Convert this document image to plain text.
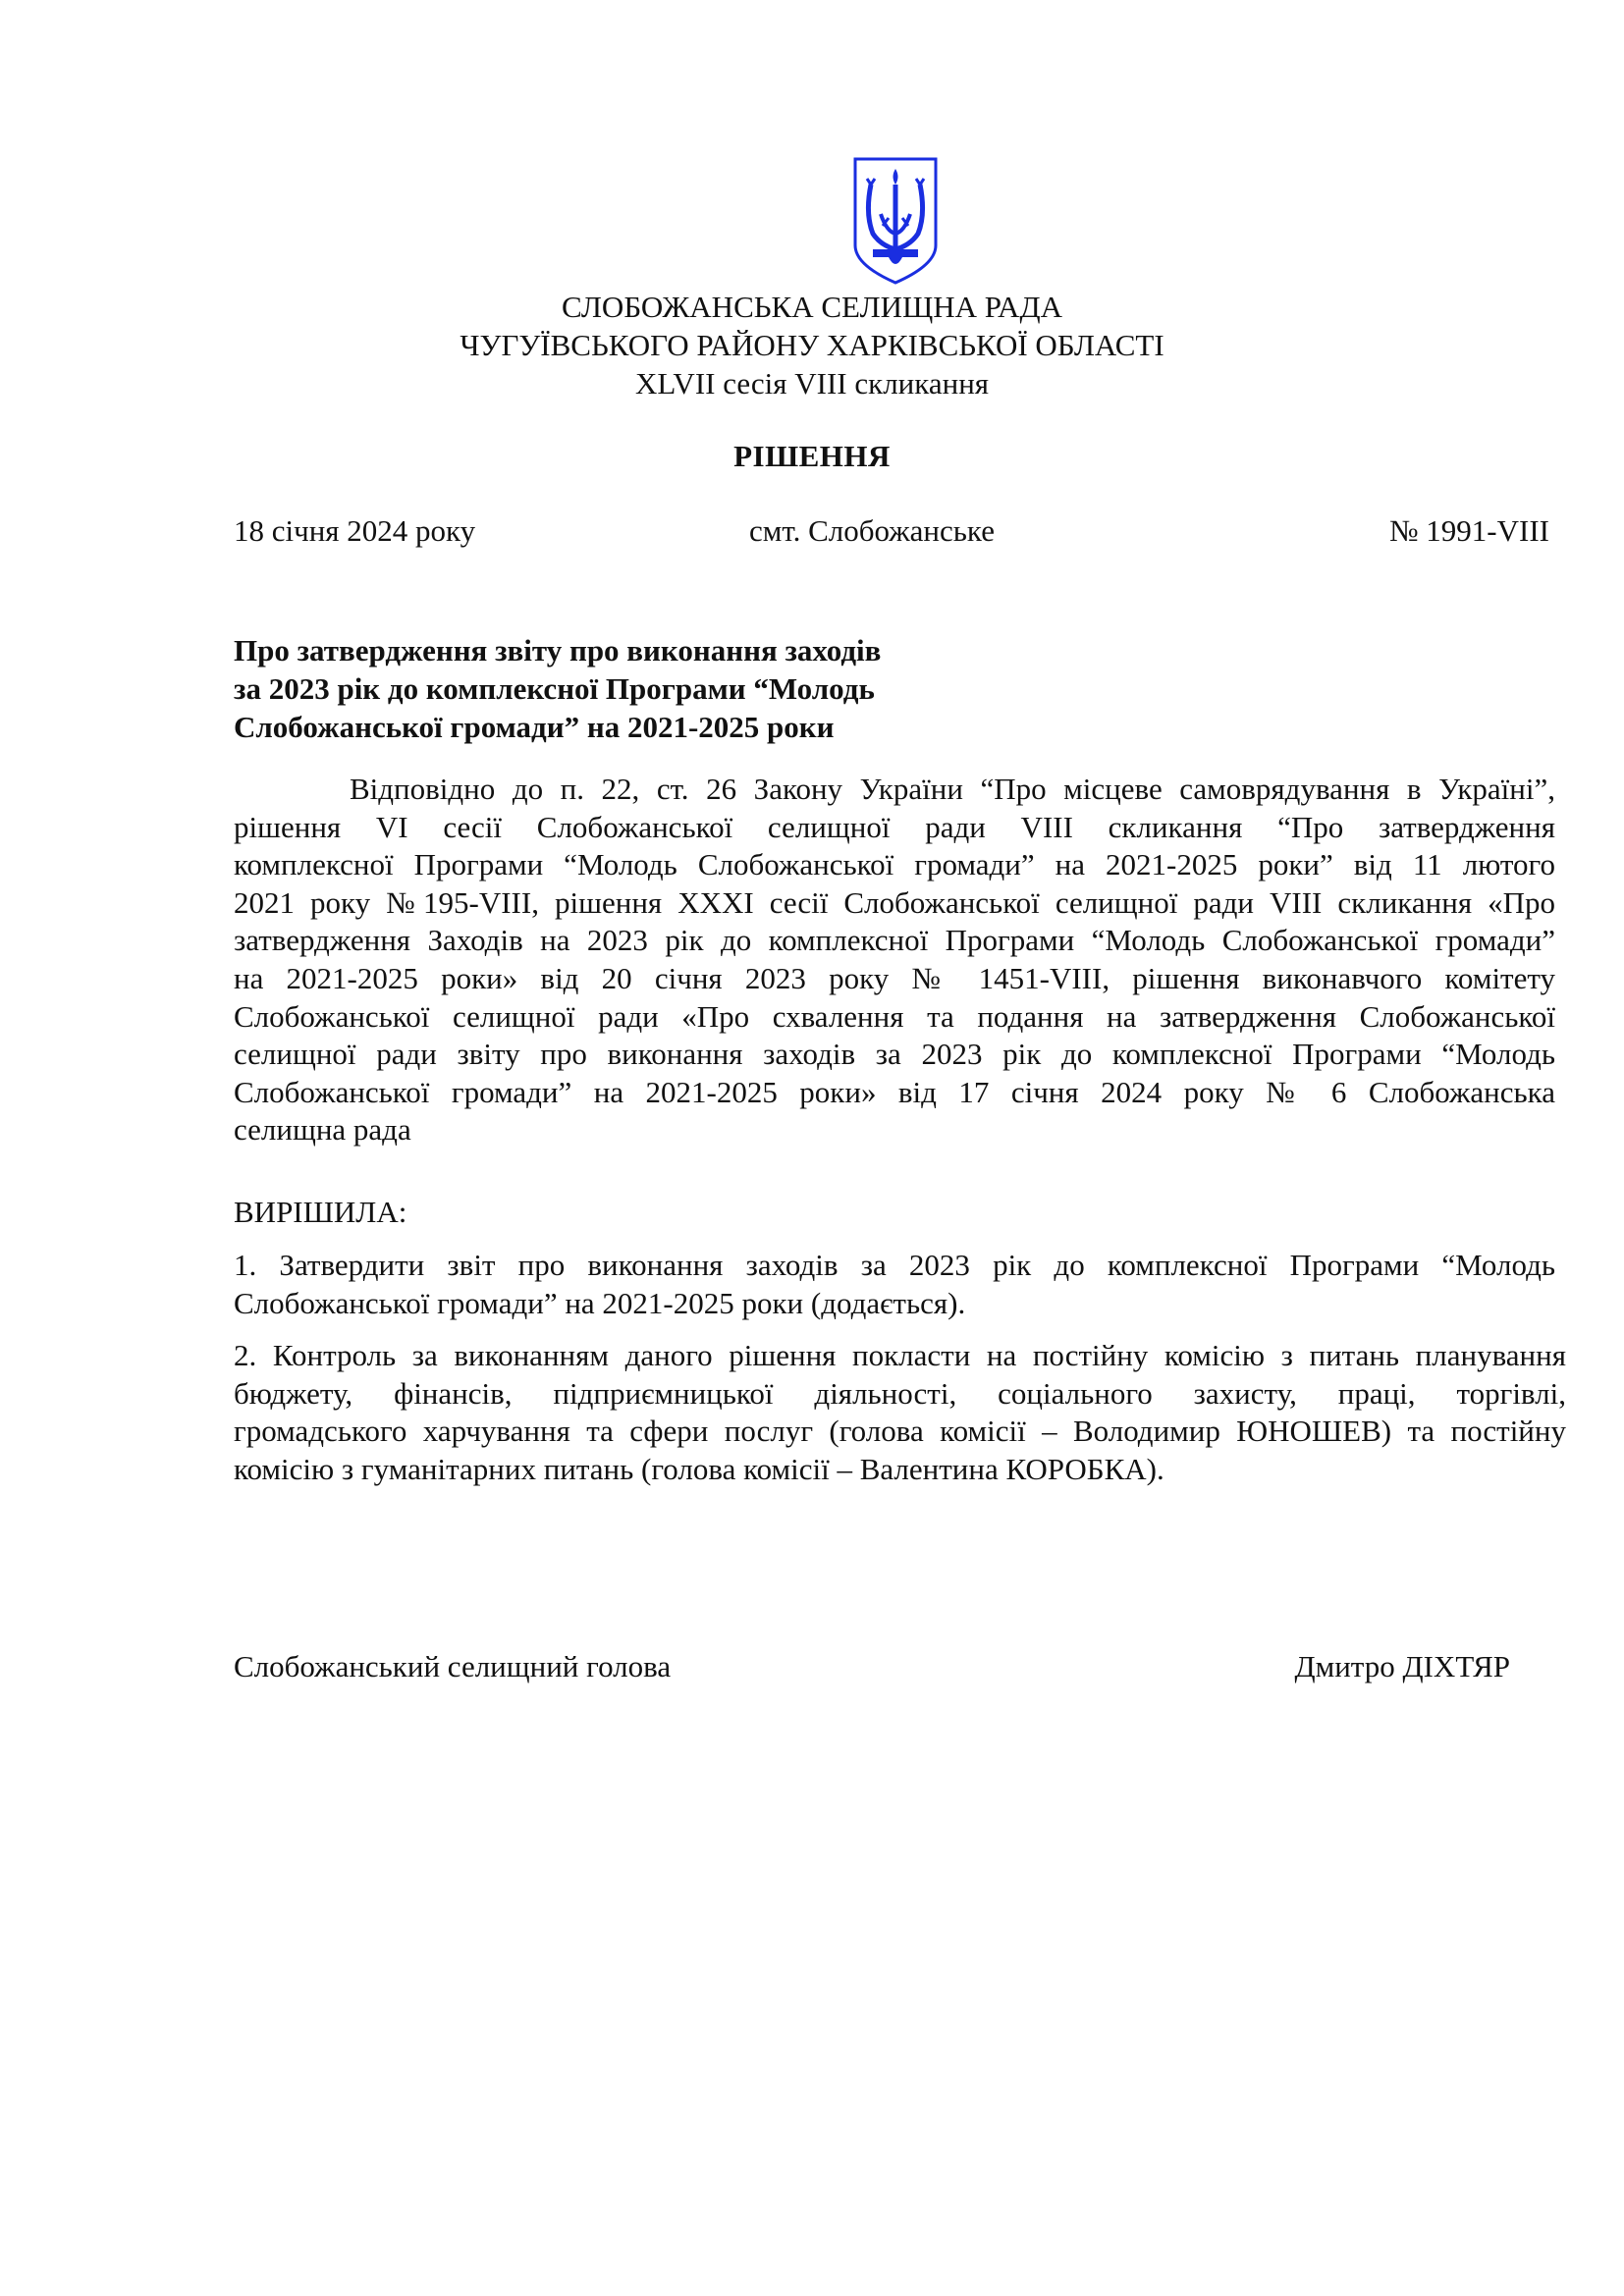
СЛОБОЖАНСЬКА СЕЛИЩНА РАДА
ЧУГУЇВСЬКОГО РАЙОНУ ХАРКІВСЬКОЇ ОБЛАСТІ
XLVII сесія VIII скликання
РІШЕННЯ
18 січня 2024 року	смт. Слобожанське	№ 1991-VIII
Про затвердження звіту про виконання заходів
за 2023 рік до комплексної Програми “Молодь
Слобожанської громади” на 2021-2025 роки
Відповідно до п. 22, ст. 26 Закону України “Про місцеве самоврядування в Україні”,
рішення VI сесії Слобожанської селищної ради VIII скликання “Про затвердження
комплексної Програми “Молодь Слобожанської громади” на 2021-2025 роки” від 11 лютого
2021 року №195-VIII, рішення XXXI сесії Слобожанської селищної ради VIII скликання «Про
затвердження Заходів на 2023 рік до комплексної Програми “Молодь Слобожанської громади”
на 2021-2025 роки» від 20 січня 2023 року № 1451-VIII, рішення виконавчого комітету
Слобожанської селищної ради «Про схвалення та подання на затвердження Слобожанської
селищної ради звіту про виконання заходів за 2023 рік до комплексної Програми “Молодь
Слобожанської громади” на 2021-2025 роки» від 17 січня 2024 року № 6 Слобожанська
селищна рада
ВИРІШИЛА:
1. Затвердити звіт про виконання заходів за 2023 рік до комплексної Програми “Молодь
Слобожанської громади” на 2021-2025 роки (додається).
2. Контроль за виконанням даного рішення покласти на постійну комісію з питань планування
бюджету, фінансів, підприємницької діяльності, соціального захисту, праці, торгівлі,
громадського харчування та сфери послуг (голова комісії – Володимир ЮНОШЕВ) та постійну
комісію з гуманітарних питань (голова комісії – Валентина КОРОБКА).
Слобожанський селищний голова	Дмитро ДІХТЯР
